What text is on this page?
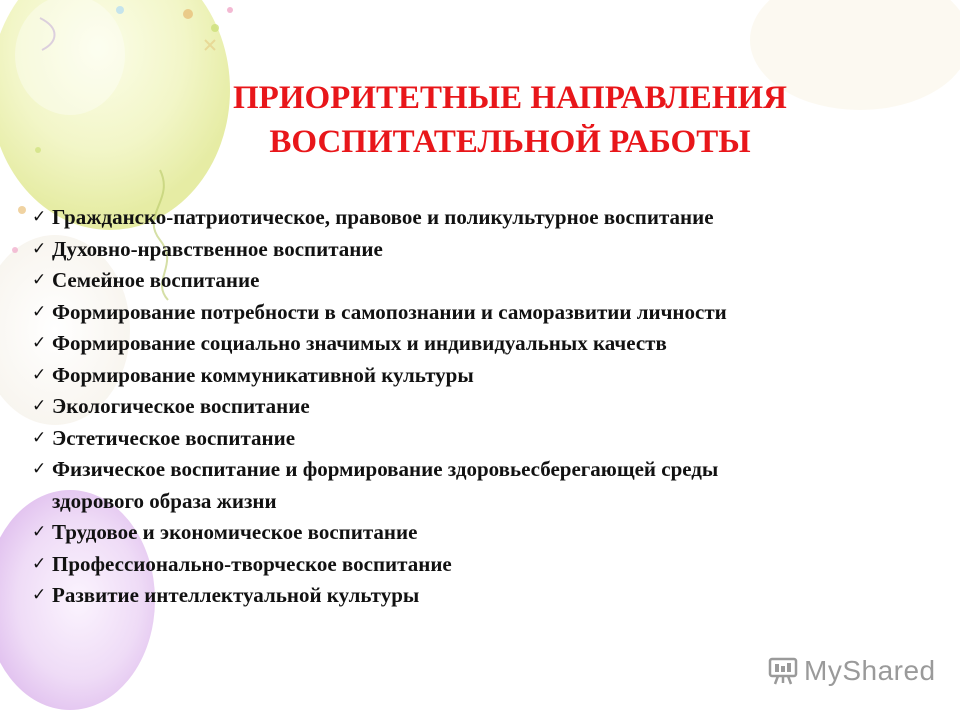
ПРИОРИТЕТНЫЕ НАПРАВЛЕНИЯ
ВОСПИТАТЕЛЬНОЙ РАБОТЫ
✓ Гражданско-патриотическое, правовое и поликультурное воспитание
✓ Духовно-нравственное воспитание
✓ Семейное воспитание
✓ Формирование потребности в самопознании и саморазвитии личности
✓ Формирование социально значимых и индивидуальных качеств
✓ Формирование коммуникативной культуры
✓ Экологическое воспитание
✓ Эстетическое воспитание
✓ Физическое воспитание и формирование здоровьесберегающей среды
здорового образа жизни
✓ Трудовое и экономическое воспитание
✓ Профессионально-творческое воспитание
✓ Развитие интеллектуальной культуры
MyShared
